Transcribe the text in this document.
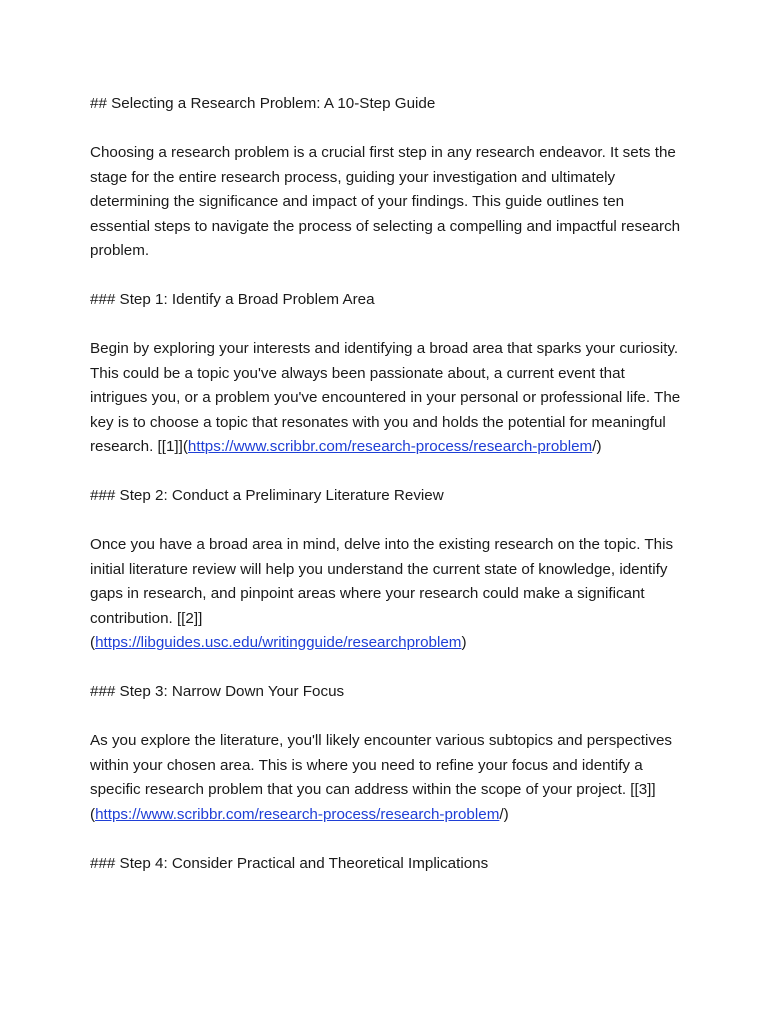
## Selecting a Research Problem: A 10-Step Guide
Choosing a research problem is a crucial first step in any research endeavor. It sets the stage for the entire research process, guiding your investigation and ultimately determining the significance and impact of your findings. This guide outlines ten essential steps to navigate the process of selecting a compelling and impactful research problem.
### Step 1: Identify a Broad Problem Area
Begin by exploring your interests and identifying a broad area that sparks your curiosity. This could be a topic you've always been passionate about, a current event that intrigues you, or a problem you've encountered in your personal or professional life. The key is to choose a topic that resonates with you and holds the potential for meaningful research. [[1]](https://www.scribbr.com/research-process/research-problem/)
### Step 2: Conduct a Preliminary Literature Review
Once you have a broad area in mind, delve into the existing research on the topic. This initial literature review will help you understand the current state of knowledge, identify gaps in research, and pinpoint areas where your research could make a significant contribution. [[2]]
(https://libguides.usc.edu/writingguide/researchproblem)
### Step 3: Narrow Down Your Focus
As you explore the literature, you'll likely encounter various subtopics and perspectives within your chosen area. This is where you need to refine your focus and identify a specific research problem that you can address within the scope of your project. [[3]](https://www.scribbr.com/research-process/research-problem/)
### Step 4: Consider Practical and Theoretical Implications
